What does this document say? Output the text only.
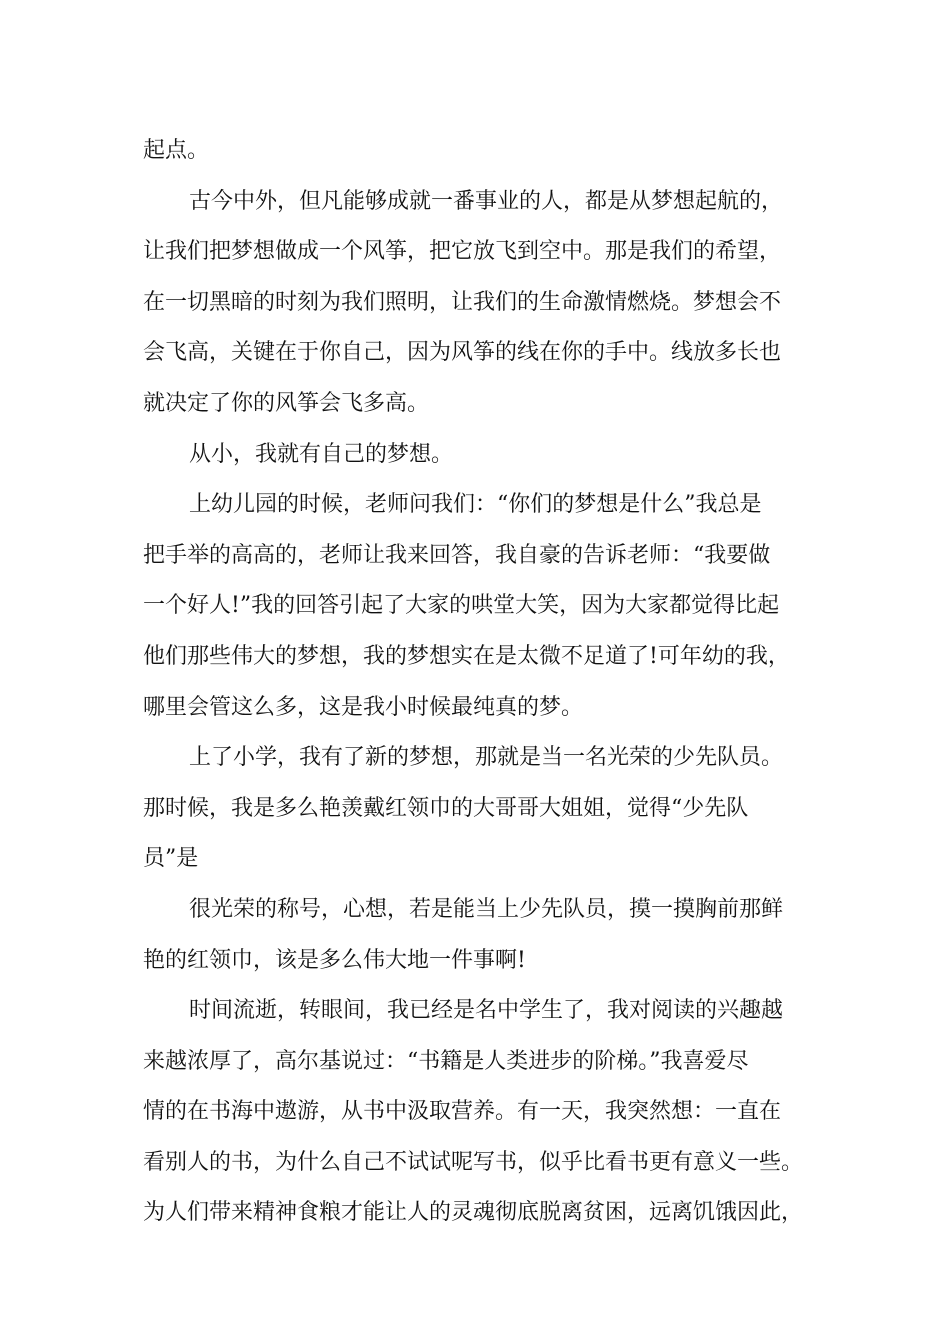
起点。
古今中外，但凡能够成就一番事业的人，都是从梦想起航的，
让我们把梦想做成一个风筝，把它放飞到空中。那是我们的希望，
在一切黑暗的时刻为我们照明，让我们的生命激情燃烧。梦想会不
会飞高，关键在于你自己，因为风筝的线在你的手中。线放多长也
就决定了你的风筝会飞多高。
从小，我就有自己的梦想。
上幼儿园的时候，老师问我们：“你们的梦想是什么”我总是
把手举的高高的，老师让我来回答，我自豪的告诉老师：“我要做
一个好人!”我的回答引起了大家的哄堂大笑，因为大家都觉得比起
他们那些伟大的梦想，我的梦想实在是太微不足道了!可年幼的我，
哪里会管这么多，这是我小时候最纯真的梦。
上了小学，我有了新的梦想，那就是当一名光荣的少先队员。
那时候，我是多么艳羡戴红领巾的大哥哥大姐姐，觉得“少先队
员”是
很光荣的称号，心想，若是能当上少先队员，摸一摸胸前那鲜
艳的红领巾，该是多么伟大地一件事啊!
时间流逝，转眼间，我已经是名中学生了，我对阅读的兴趣越
来越浓厚了，高尔基说过：“书籍是人类进步的阶梯。”我喜爱尽
情的在书海中遨游，从书中汲取营养。有一天，我突然想：一直在
看别人的书，为什么自己不试试呢写书，似乎比看书更有意义一些。
为人们带来精神食粮才能让人的灵魂彻底脱离贫困，远离饥饿因此，
